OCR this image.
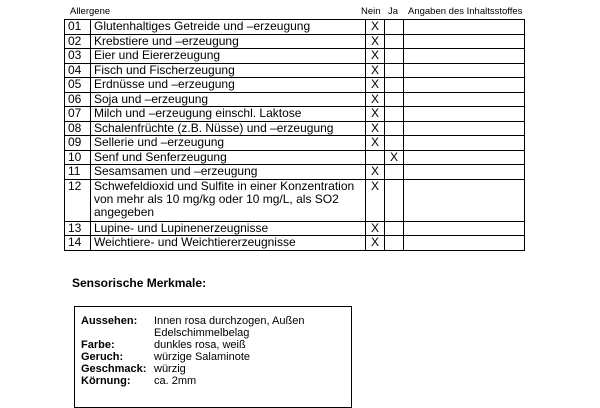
Allergene	Nein Ja Angaben des Inhaltsstoffes
01	Glutenhaltiges Getreide und –erzeugung	X		
02	Krebstiere und –erzeugung	X		
03	Eier und Eiererzeugung	X		
04	Fisch und Fischerzeugung	X		
05	Erdnüsse und –erzeugung	X		
06	Soja und –erzeugung	X		
07	Milch und –erzeugung einschl. Laktose	X		
08	Schalenfrüchte (z.B. Nüsse) und –erzeugung	X		
09	Sellerie und –erzeugung	X		
10	Senf und Senferzeugung		X	
11	Sesamsamen und –erzeugung	X		
12	Schwefeldioxid und Sulfite in einer Konzentration von mehr als 10 mg/kg oder 10 mg/L, als SO2 angegeben	X		
13	Lupine- und Lupinenerzeugnisse	X		
14	Weichtiere- und Weichtiererzeugnisse	X		
Sensorische Merkmale:
Aussehen: Innen rosa durchzogen, Außen
Edelschimmelbelag
Farbe:	dunkles rosa, weiß
Geruch:	würzige Salaminote
Geschmack: würzig
Körnung: ca. 2mm
